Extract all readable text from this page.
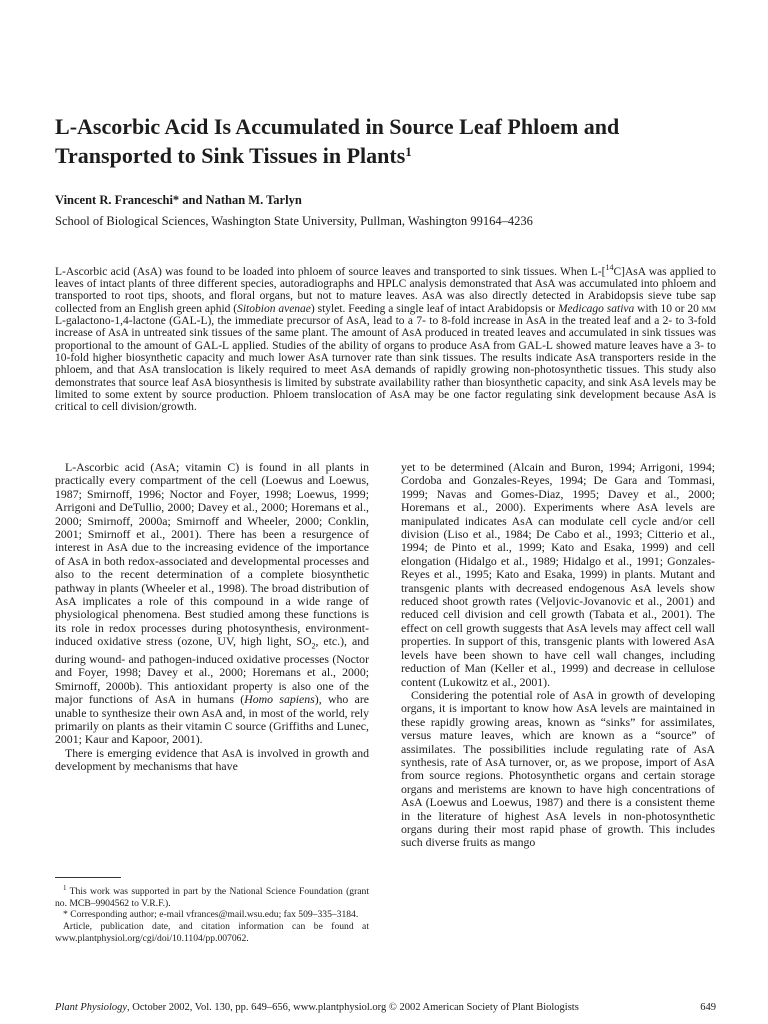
L-Ascorbic Acid Is Accumulated in Source Leaf Phloem and Transported to Sink Tissues in Plants$^1$
Vincent R. Franceschi* and Nathan M. Tarlyn
School of Biological Sciences, Washington State University, Pullman, Washington 99164–4236
L-Ascorbic acid (AsA) was found to be loaded into phloem of source leaves and transported to sink tissues. When L-[$^{14}$C]AsA was applied to leaves of intact plants of three different species, autoradiographs and HPLC analysis demonstrated that AsA was accumulated into phloem and transported to root tips, shoots, and floral organs, but not to mature leaves. AsA was also directly detected in Arabidopsis sieve tube sap collected from an English green aphid (Sitobion avenae) stylet. Feeding a single leaf of intact Arabidopsis or Medicago sativa with 10 or 20 mm L-galactono-1,4-lactone (GAL-L), the immediate precursor of AsA, lead to a 7- to 8-fold increase in AsA in the treated leaf and a 2- to 3-fold increase of AsA in untreated sink tissues of the same plant. The amount of AsA produced in treated leaves and accumulated in sink tissues was proportional to the amount of GAL-L applied. Studies of the ability of organs to produce AsA from GAL-L showed mature leaves have a 3- to 10-fold higher biosynthetic capacity and much lower AsA turnover rate than sink tissues. The results indicate AsA transporters reside in the phloem, and that AsA translocation is likely required to meet AsA demands of rapidly growing non-photosynthetic tissues. This study also demonstrates that source leaf AsA biosynthesis is limited by substrate availability rather than biosynthetic capacity, and sink AsA levels may be limited to some extent by source production. Phloem translocation of AsA may be one factor regulating sink development because AsA is critical to cell division/growth.

L-Ascorbic acid (AsA; vitamin C) is found in all plants in practically every compartment of the cell (Loewus and Loewus, 1987; Smirnoff, 1996; Noctor and Foyer, 1998; Loewus, 1999; Arrigoni and DeTullio, 2000; Davey et al., 2000; Horemans et al., 2000; Smirnoff, 2000a; Smirnoff and Wheeler, 2000; Conklin, 2001; Smirnoff et al., 2001). There has been a resurgence of interest in AsA due to the increasing evidence of the importance of AsA in both redox-associated and developmental processes and also to the recent determination of a complete biosynthetic pathway in plants (Wheeler et al., 1998). The broad distribution of AsA implicates a role of this compound in a wide range of physiological phenomena. Best studied among these functions is its role in redox processes during photosynthesis, environment-induced oxidative stress (ozone, UV, high light, $SO_2$, etc.), and during wound- and pathogen-induced oxidative processes (Noctor and Foyer, 1998; Davey et al., 2000; Horemans et al., 2000; Smirnoff, 2000b). This antioxidant property is also one of the major functions of AsA in humans (Homo sapiens), who are unable to synthesize their own AsA and, in most of the world, rely primarily on plants as their vitamin C source (Griffiths and Lunec, 2001; Kaur and Kapoor, 2001).

There is emerging evidence that AsA is involved in growth and development by mechanisms that have

yet to be determined (Alcain and Buron, 1994; Arrigoni, 1994; Cordoba and Gonzales-Reyes, 1994; De Gara and Tommasi, 1999; Navas and Gomes-Diaz, 1995; Davey et al., 2000; Horemans et al., 2000). Experiments where AsA levels are manipulated indicates AsA can modulate cell cycle and/or cell division (Liso et al., 1984; De Cabo et al., 1993; Citterio et al., 1994; de Pinto et al., 1999; Kato and Esaka, 1999) and cell elongation (Hidalgo et al., 1989; Hidalgo et al., 1991; Gonzales-Reyes et al., 1995; Kato and Esaka, 1999) in plants. Mutant and transgenic plants with decreased endogenous AsA levels show reduced shoot growth rates (Veljovic-Jovanovic et al., 2001) and reduced cell division and cell growth (Tabata et al., 2001). The effect on cell growth suggests that AsA levels may affect cell wall properties. In support of this, transgenic plants with lowered AsA levels have been shown to have cell wall changes, including reduction of Man (Keller et al., 1999) and decrease in cellulose content (Lukowitz et al., 2001).

Considering the potential role of AsA in growth of developing organs, it is important to know how AsA levels are maintained in these rapidly growing areas, known as “sinks” for assimilates, versus mature leaves, which are known as a “source” of assimilates. The possibilities include regulating rate of AsA synthesis, rate of AsA turnover, or, as we propose, import of AsA from source regions. Photosynthetic organs and certain storage organs and meristems are known to have high concentrations of AsA (Loewus and Loewus, 1987) and there is a consistent theme in the literature of highest AsA levels in non-photosynthetic organs during their most rapid phase of growth. This includes such diverse fruits as mango

$^1$ This work was supported in part by the National Science Foundation (grant no. MCB–9904562 to V.R.F.).

* Corresponding author; e-mail vfrances@mail.wsu.edu; fax 509–335–3184.

Article, publication date, and citation information can be found at www.plantphysiol.org/cgi/doi/10.1104/pp.007062.

Plant Physiology, October 2002, Vol. 130, pp. 649–656, www.plantphysiol.org © 2002 American Society of Plant Biologists	649
